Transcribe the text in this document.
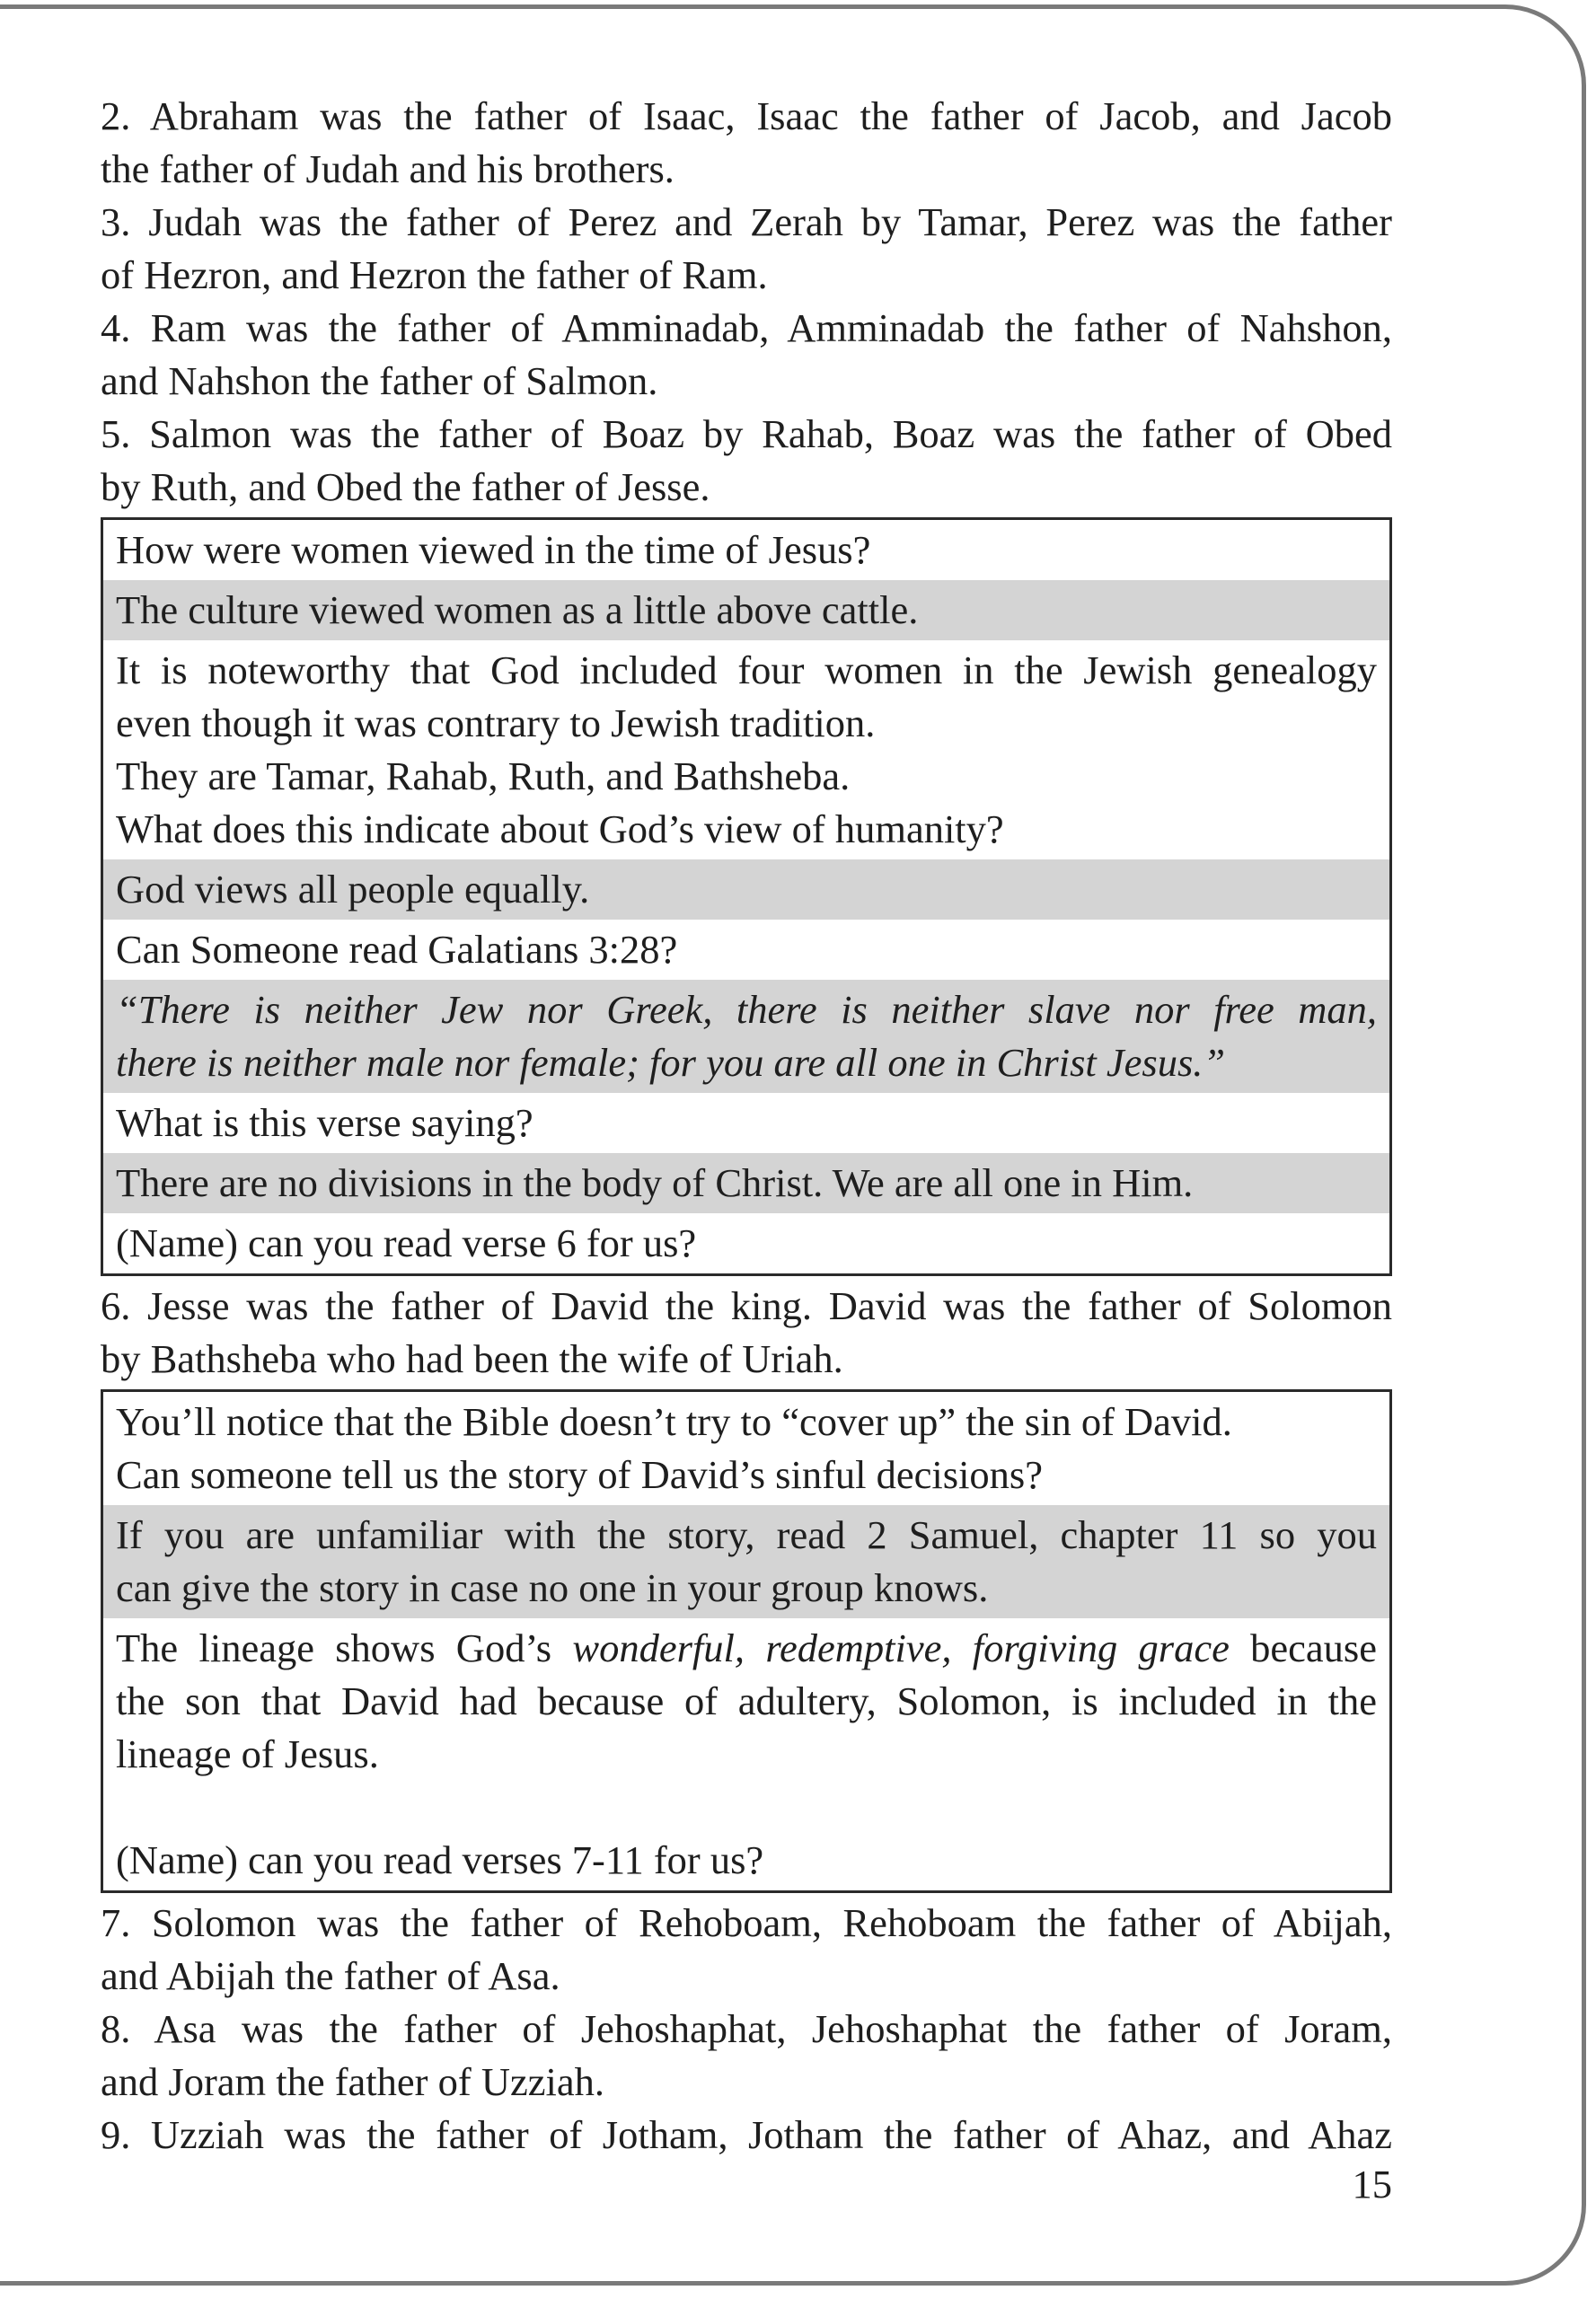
2. Abraham was the father of Isaac, Isaac the father of Jacob, and Jacob
the father of Judah and his brothers.
3. Judah was the father of Perez and Zerah by Tamar, Perez was the father
of Hezron, and Hezron the father of Ram.
4. Ram was the father of Amminadab, Amminadab the father of Nahshon,
and Nahshon the father of Salmon.
5. Salmon was the father of Boaz by Rahab, Boaz was the father of Obed
by Ruth, and Obed the father of Jesse.
How were women viewed in the time of Jesus?
The culture viewed women as a little above cattle.
It is noteworthy that God included four women in the Jewish genealogy
even though it was contrary to Jewish tradition.
They are Tamar, Rahab, Ruth, and Bathsheba.
What does this indicate about God’s view of humanity?
God views all people equally.
Can Someone read Galatians 3:28?
“There is neither Jew nor Greek, there is neither slave nor free man,
there is neither male nor female; for you are all one in Christ Jesus.”
What is this verse saying?
There are no divisions in the body of Christ. We are all one in Him.
(Name) can you read verse 6 for us?
6. Jesse was the father of David the king. David was the father of Solomon
by Bathsheba who had been the wife of Uriah.
You’ll notice that the Bible doesn’t try to “cover up” the sin of David.
Can someone tell us the story of David’s sinful decisions?
If you are unfamiliar with the story, read 2 Samuel, chapter 11 so you
can give the story in case no one in your group knows.
The lineage shows God’s wonderful, redemptive, forgiving grace because
the son that David had because of adultery, Solomon, is included in the
lineage of Jesus.
(Name) can you read verses 7-11 for us?
7. Solomon was the father of Rehoboam, Rehoboam the father of Abijah,
and Abijah the father of Asa.
8. Asa was the father of Jehoshaphat, Jehoshaphat the father of Joram,
and Joram the father of Uzziah.
9. Uzziah was the father of Jotham, Jotham the father of Ahaz, and Ahaz
15
